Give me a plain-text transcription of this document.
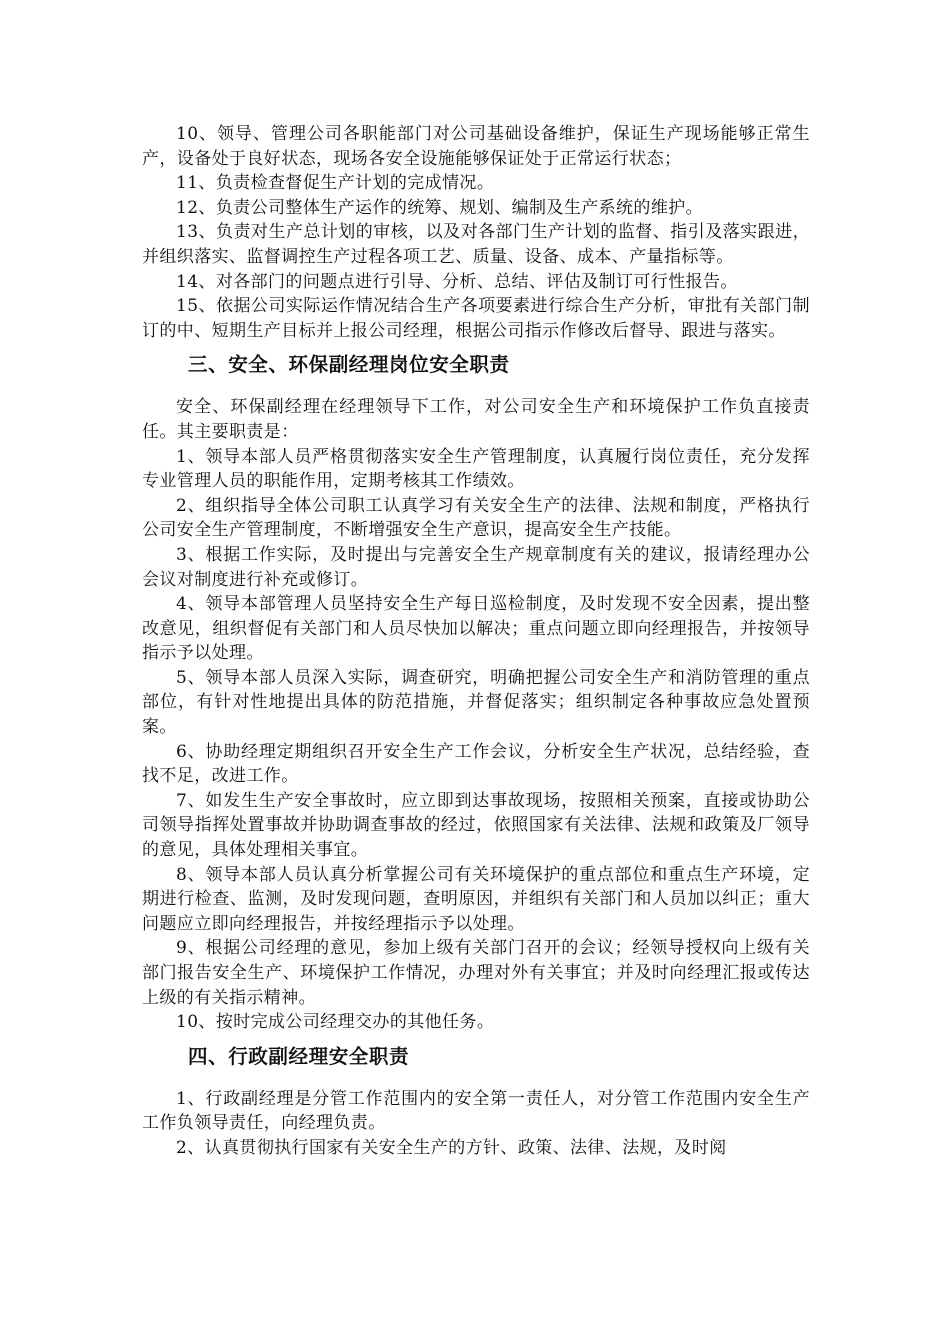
10、领导、管理公司各职能部门对公司基础设备维护，保证生产现场能够正常生产，设备处于良好状态，现场各安全设施能够保证处于正常运行状态；

11、负责检查督促生产计划的完成情况。

12、负责公司整体生产运作的统筹、规划、编制及生产系统的维护。

13、负责对生产总计划的审核，以及对各部门生产计划的监督、指引及落实跟进，并组织落实、监督调控生产过程各项工艺、质量、设备、成本、产量指标等。

14、对各部门的问题点进行引导、分析、总结、评估及制订可行性报告。

15、依据公司实际运作情况结合生产各项要素进行综合生产分析，审批有关部门制订的中、短期生产目标并上报公司经理，根据公司指示作修改后督导、跟进与落实。

三、安全、环保副经理岗位安全职责

安全、环保副经理在经理领导下工作，对公司安全生产和环境保护工作负直接责任。其主要职责是：

1、领导本部人员严格贯彻落实安全生产管理制度，认真履行岗位责任，充分发挥专业管理人员的职能作用，定期考核其工作绩效。

2、组织指导全体公司职工认真学习有关安全生产的法律、法规和制度，严格执行公司安全生产管理制度，不断增强安全生产意识，提高安全生产技能。

3、根据工作实际，及时提出与完善安全生产规章制度有关的建议，报请经理办公会议对制度进行补充或修订。

4、领导本部管理人员坚持安全生产每日巡检制度，及时发现不安全因素，提出整改意见，组织督促有关部门和人员尽快加以解决；重点问题立即向经理报告，并按领导指示予以处理。

5、领导本部人员深入实际，调查研究，明确把握公司安全生产和消防管理的重点部位，有针对性地提出具体的防范措施，并督促落实；组织制定各种事故应急处置预案。

6、协助经理定期组织召开安全生产工作会议，分析安全生产状况，总结经验，查找不足，改进工作。

7、如发生生产安全事故时，应立即到达事故现场，按照相关预案，直接或协助公司领导指挥处置事故并协助调查事故的经过，依照国家有关法律、法规和政策及厂领导的意见，具体处理相关事宜。

8、领导本部人员认真分析掌握公司有关环境保护的重点部位和重点生产环境，定期进行检查、监测，及时发现问题，查明原因，并组织有关部门和人员加以纠正；重大问题应立即向经理报告，并按经理指示予以处理。

9、根据公司经理的意见，参加上级有关部门召开的会议；经领导授权向上级有关部门报告安全生产、环境保护工作情况，办理对外有关事宜；并及时向经理汇报或传达上级的有关指示精神。

10、按时完成公司经理交办的其他任务。

四、行政副经理安全职责

1、行政副经理是分管工作范围内的安全第一责任人，对分管工作范围内安全生产工作负领导责任，向经理负责。

2、认真贯彻执行国家有关安全生产的方针、政策、法律、法规，及时阅
